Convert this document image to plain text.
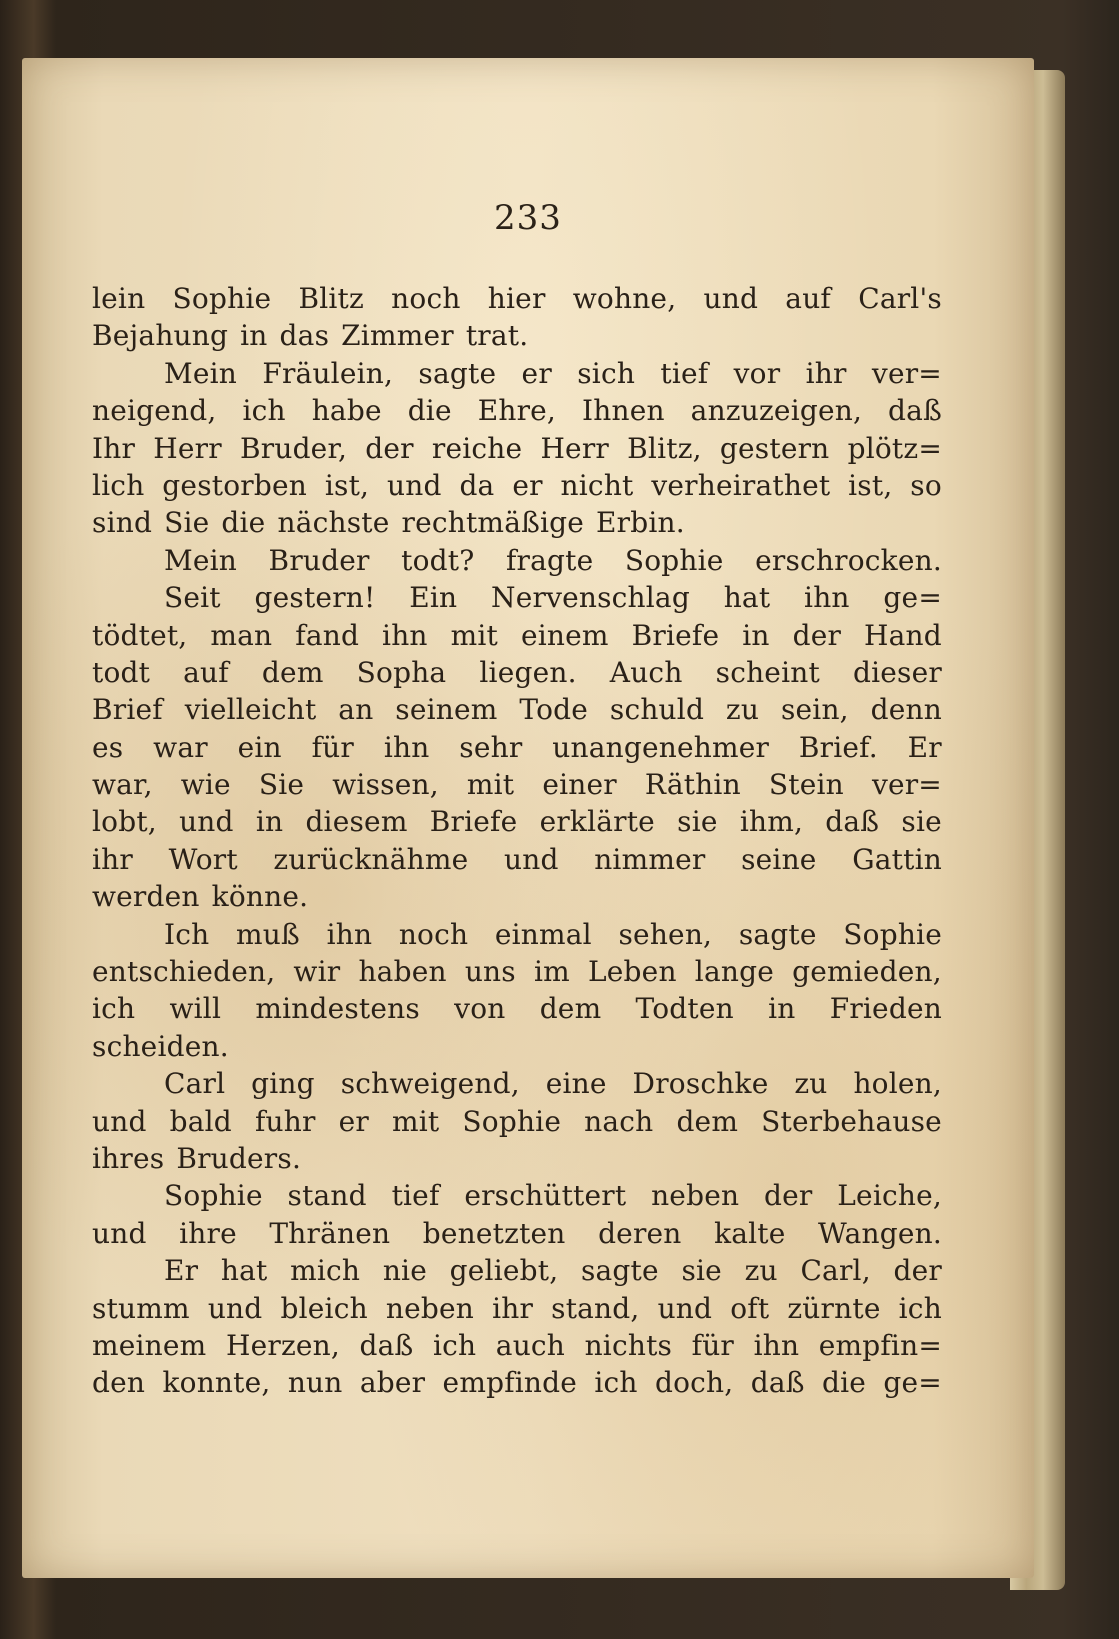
233
lein Sophie Blitz noch hier wohne, und auf Carl's
Bejahung in das Zimmer trat.
Mein Fräulein, sagte er sich tief vor ihr ver=
neigend, ich habe die Ehre, Ihnen anzuzeigen, daß
Ihr Herr Bruder, der reiche Herr Blitz, gestern plötz=
lich gestorben ist, und da er nicht verheirathet ist, so
sind Sie die nächste rechtmäßige Erbin.
Mein Bruder todt? fragte Sophie erschrocken.
Seit gestern! Ein Nervenschlag hat ihn ge=
tödtet, man fand ihn mit einem Briefe in der Hand
todt auf dem Sopha liegen. Auch scheint dieser
Brief vielleicht an seinem Tode schuld zu sein, denn
es war ein für ihn sehr unangenehmer Brief. Er
war, wie Sie wissen, mit einer Räthin Stein ver=
lobt, und in diesem Briefe erklärte sie ihm, daß sie
ihr Wort zurücknähme und nimmer seine Gattin
werden könne.
Ich muß ihn noch einmal sehen, sagte Sophie
entschieden, wir haben uns im Leben lange gemieden,
ich will mindestens von dem Todten in Frieden
scheiden.
Carl ging schweigend, eine Droschke zu holen,
und bald fuhr er mit Sophie nach dem Sterbehause
ihres Bruders.
Sophie stand tief erschüttert neben der Leiche,
und ihre Thränen benetzten deren kalte Wangen.
Er hat mich nie geliebt, sagte sie zu Carl, der
stumm und bleich neben ihr stand, und oft zürnte ich
meinem Herzen, daß ich auch nichts für ihn empfin=
den konnte, nun aber empfinde ich doch, daß die ge=
